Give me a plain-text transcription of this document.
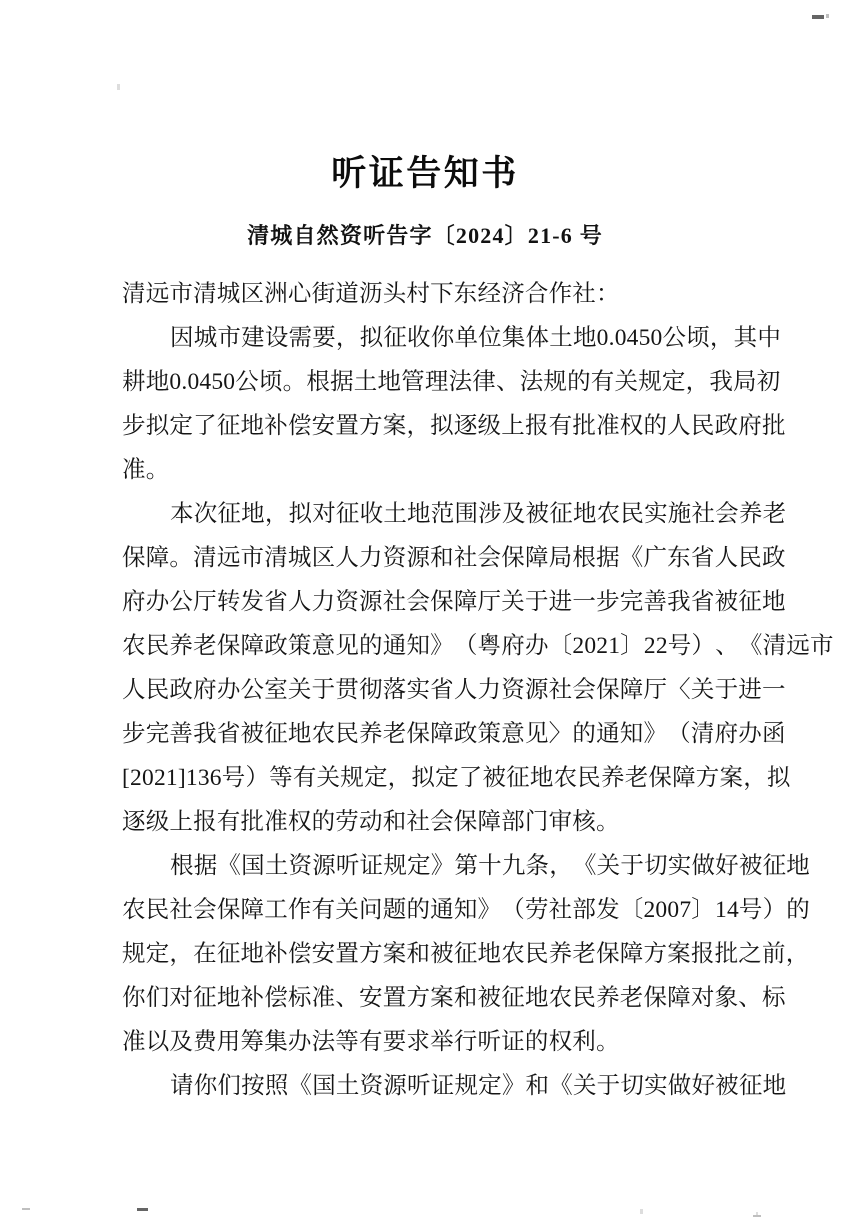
听证告知书
清城自然资听告字〔2024〕21-6 号
清远市清城区洲心街道沥头村下东经济合作社：
因 城 市 建 设 需 要 ， 拟 征 收 你 单 位 集 体 土 地 0 . 0 4 5 0 公 顷 ， 其 中
耕 地 0 . 0 4 5 0 公 顷 。 根 据 土 地 管 理 法 律 、 法 规 的 有 关 规 定 ， 我 局 初
步 拟 定 了 征 地 补 偿 安 置 方 案 ， 拟 逐 级 上 报 有 批 准 权 的 人 民 政 府 批
准。
本 次 征 地 ， 拟 对 征 收 土 地 范 围 涉 及 被 征 地 农 民 实 施 社 会 养 老
保 障 。 清 远 市 清 城 区 人 力 资 源 和 社 会 保 障 局 根 据 《 广 东 省 人 民 政
府 办 公 厅 转 发 省 人 力 资 源 社 会 保 障 厅 关 于 进 一 步 完 善 我 省 被 征 地
农 民 养 老 保 障 政 策 意 见 的 通 知 》 （ 粤 府 办 〔 2 0 2 1 〕 2 2 号 ） 、 《 清 远 市
人 民 政 府 办 公 室 关 于 贯 彻 落 实 省 人 力 资 源 社 会 保 障 厅 〈 关 于 进 一
步 完 善 我 省 被 征 地 农 民 养 老 保 障 政 策 意 见 〉 的 通 知 》 （ 清 府 办 函
[ 2 0 2 1 ] 1 3 6 号 ） 等 有 关 规 定 ， 拟 定 了 被 征 地 农 民 养 老 保 障 方 案 ， 拟
逐级上报有批准权的劳动和社会保障部门审核。
根 据 《 国 土 资 源 听 证 规 定 》 第 十 九 条 ， 《 关 于 切 实 做 好 被 征 地
农 民 社 会 保 障 工 作 有 关 问 题 的 通 知 》 （ 劳 社 部 发 〔 2 0 0 7 〕 1 4 号 ） 的
规 定 ， 在 征 地 补 偿 安 置 方 案 和 被 征 地 农 民 养 老 保 障 方 案 报 批 之 前 ，
你 们 对 征 地 补 偿 标 准 、 安 置 方 案 和 被 征 地 农 民 养 老 保 障 对 象 、 标
准以及费用筹集办法等有要求举行听证的权利。
请 你 们 按 照 《 国 土 资 源 听 证 规 定 》 和 《 关 于 切 实 做 好 被 征 地
